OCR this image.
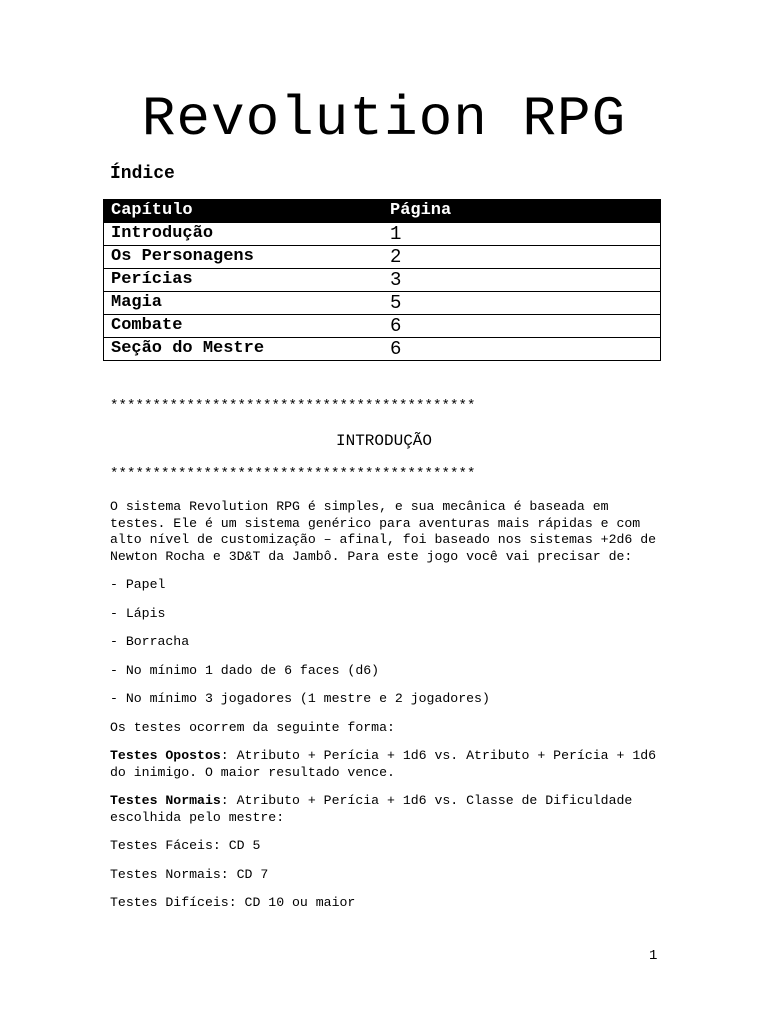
Revolution RPG
Índice
Capítulo	Página
Introdução	1
Os Personagens	2
Perícias	3
Magia	5
Combate	6
Seção do Mestre	6
*******************************************
INTRODUÇÃO
*******************************************

O sistema Revolution RPG é simples, e sua mecânica é baseada em testes. Ele é um sistema genérico para aventuras mais rápidas e com alto nível de customização – afinal, foi baseado nos sistemas +2d6 de Newton Rocha e 3D&T da Jambô. Para este jogo você vai precisar de:

- Papel

- Lápis

- Borracha

- No mínimo 1 dado de 6 faces (d6)

- No mínimo 3 jogadores (1 mestre e 2 jogadores)

Os testes ocorrem da seguinte forma:

Testes Opostos: Atributo + Perícia + 1d6 vs. Atributo + Perícia + 1d6 do inimigo. O maior resultado vence.

Testes Normais: Atributo + Perícia + 1d6 vs. Classe de Dificuldade escolhida pelo mestre:

Testes Fáceis: CD 5

Testes Normais: CD 7

Testes Difíceis: CD 10 ou maior

1
